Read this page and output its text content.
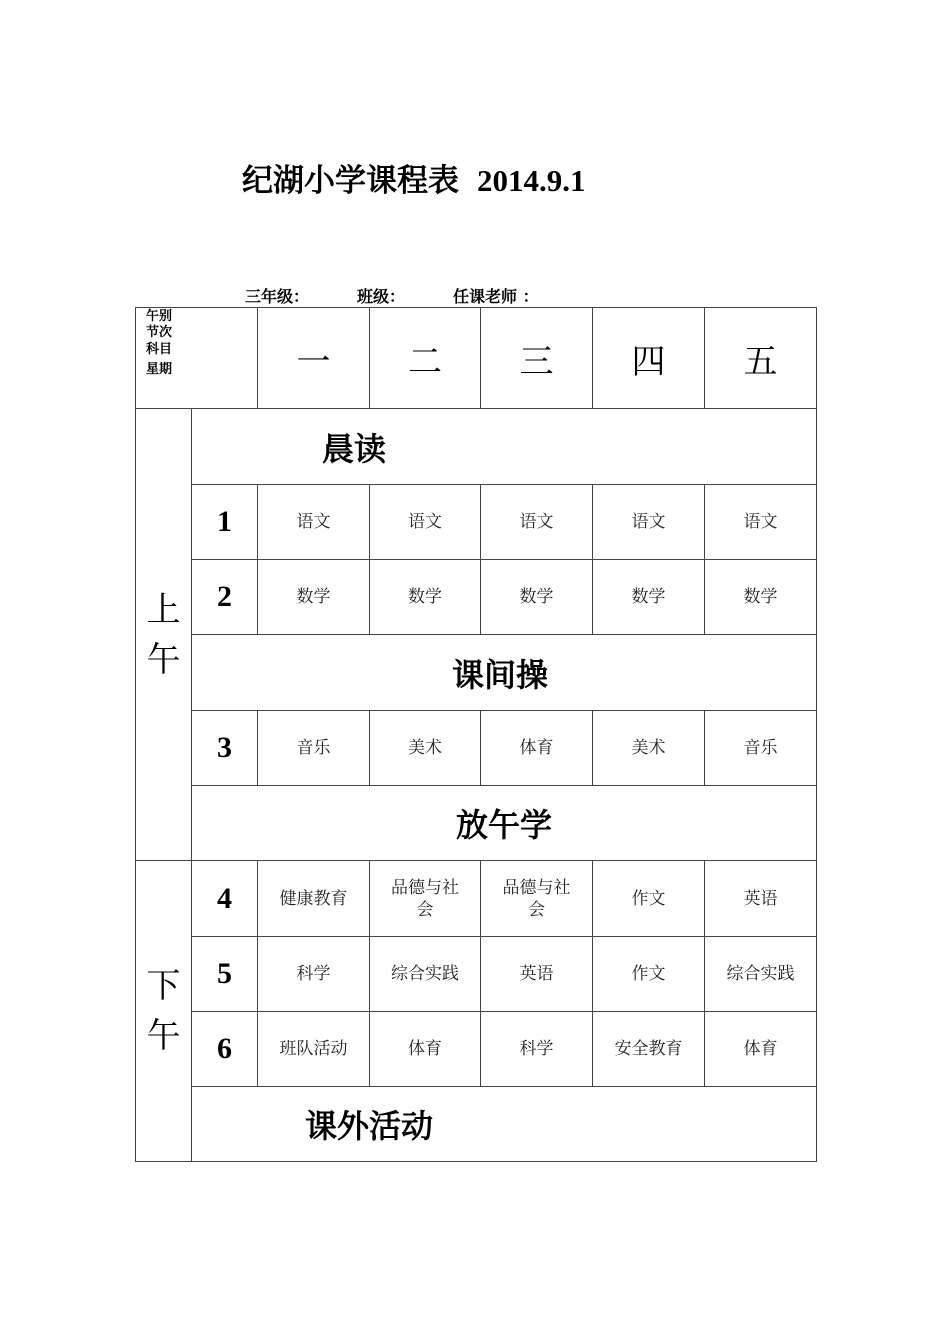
纪湖小学课程表 2014.9.1
三年级：	班级：	任课老师 ：
午别
节次
科目
星期		一	二	三	四	五

上
午	晨读					
	1	语文	语文	语文	语文	语文
	2	数学	数学	数学	数学	数学
	课间操					
	3	音乐	美术	体育	美术	音乐
	放午学					

下
午	4	健康教育	品德与社会	品德与社会	作文	英语
	5	科学	综合实践	英语	作文	综合实践
	6	班队活动	体育	科学	安全教育	体育
	课外活动					
